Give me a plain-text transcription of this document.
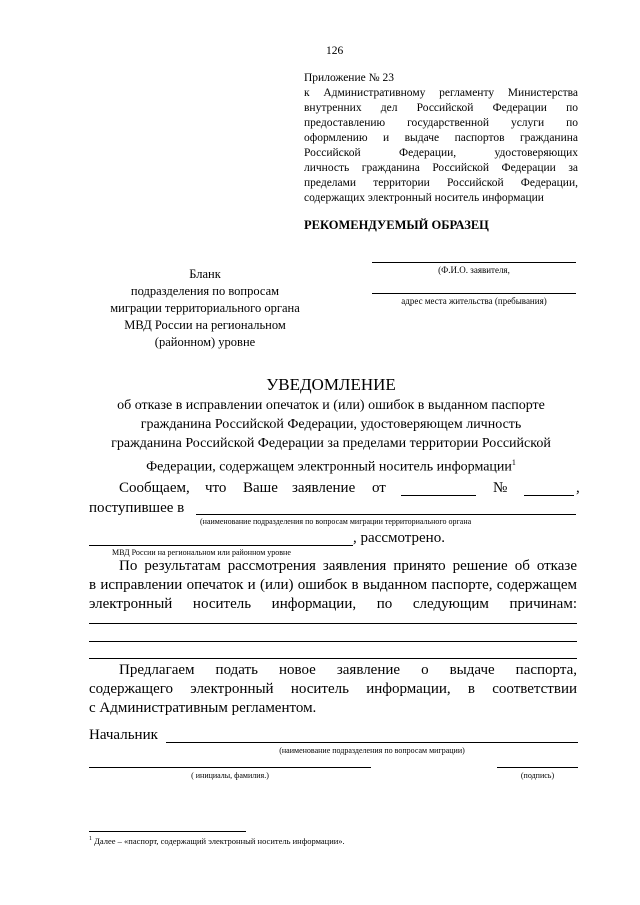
126
Приложение № 23
к Административному регламенту Министерства
внутренних дел Российской Федерации по
предоставлению государственной услуги по
оформлению и выдаче паспортов гражданина
Российской Федерации, удостоверяющих
личность гражданина Российской Федерации за
пределами территории Российской Федерации,
содержащих электронный носитель информации
РЕКОМЕНДУЕМЫЙ ОБРАЗЕЦ
Бланк
подразделения по вопросам
миграции территориального органа
МВД России на региональном
(районном) уровне
(Ф.И.О. заявителя,
адрес места жительства (пребывания)
УВЕДОМЛЕНИЕ
об отказе в исправлении опечаток и (или) ошибок в выданном паспорте
гражданина Российской Федерации, удостоверяющем личность
гражданина Российской Федерации за пределами территории Российской
Федерации, содержащем электронный носитель информации$^1$
Сообщаем, что Ваше заявление от	№	,
поступившее в
(наименование подразделения по вопросам миграции территориального органа
, рассмотрено.
МВД России на региональном или районном уровне
По результатам рассмотрения заявления принято решение об отказе
в исправлении опечаток и (или) ошибок в выданном паспорте, содержащем
электронный носитель информации, по следующим причинам:
Предлагаем подать новое заявление о выдаче паспорта,
содержащего электронный носитель информации, в соответствии
с Административным регламентом.
Начальник
(наименование подразделения по вопросам миграции)
( инициалы, фамилия.)	(подпись)
$^1$ Далее – «паспорт, содержащий электронный носитель информации».
